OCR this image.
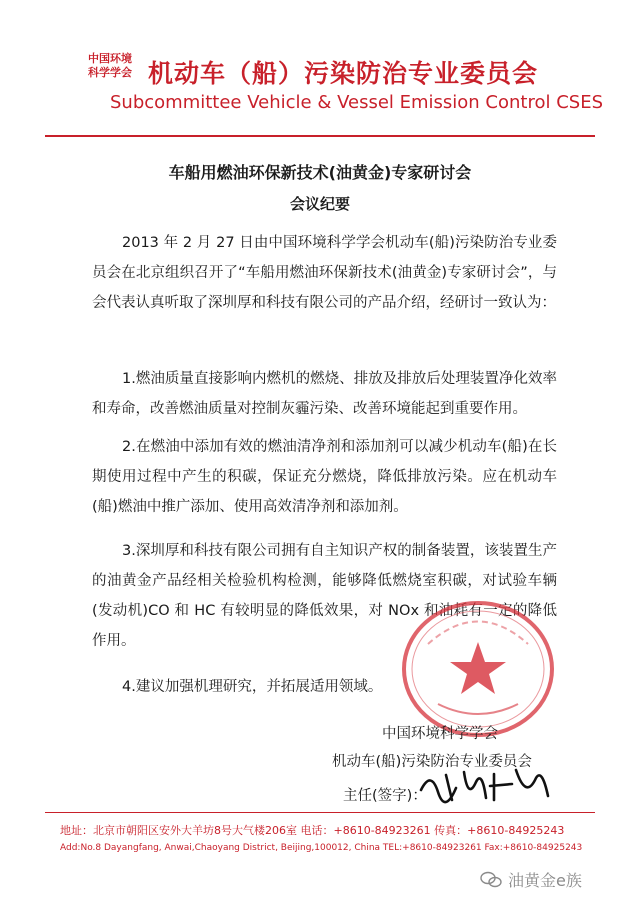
中国环境
科学学会 机动车（船）污染防治专业委员会
Subcommittee Vehicle & Vessel Emission Control CSES
车船用燃油环保新技术(油黄金)专家研讨会
会议纪要

2013 年 2 月 27 日由中国环境科学学会机动车(船)污染防治专业委员会在北京组织召开了“车船用燃油环保新技术(油黄金)专家研讨会”，与会代表认真听取了深圳厚和科技有限公司的产品介绍，经研讨一致认为：

1.燃油质量直接影响内燃机的燃烧、排放及排放后处理装置净化效率和寿命，改善燃油质量对控制灰霾污染、改善环境能起到重要作用。

2.在燃油中添加有效的燃油清净剂和添加剂可以减少机动车(船)在长期使用过程中产生的积碳，保证充分燃烧，降低排放污染。应在机动车(船)燃油中推广添加、使用高效清净剂和添加剂。

3.深圳厚和科技有限公司拥有自主知识产权的制备装置，该装置生产的油黄金产品经相关检验机构检测，能够降低燃烧室积碳，对试验车辆(发动机)CO 和 HC 有较明显的降低效果，对 NOx 和油耗有一定的降低作用。

4.建议加强机理研究，并拓展适用领域。

中国环境科学学会
机动车(船)污染防治专业委员会
主任(签字)：
地址：北京市朝阳区安外大羊坊8号大气楼206室 电话：+8610-84923261 传真：+8610-84925243
Add:No.8 Dayangfang, Anwai,Chaoyang District, Beijing,100012, China TEL:+8610-84923261 Fax:+8610-84925243
油黄金e族
